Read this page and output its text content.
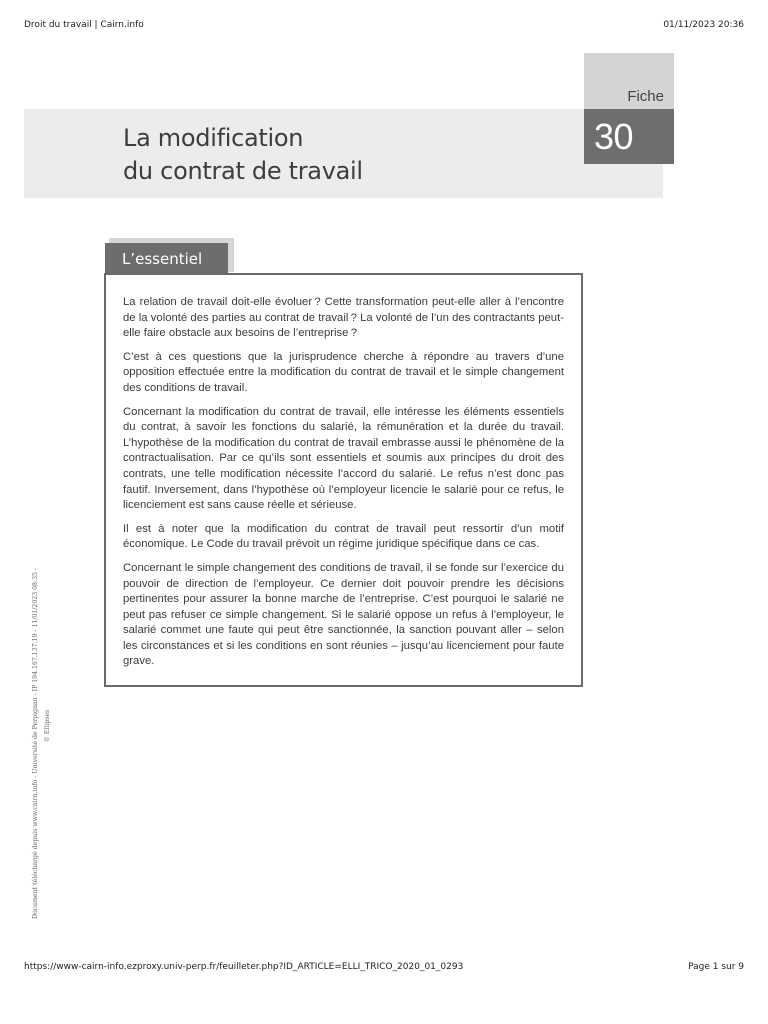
Droit du travail | Cairn.info	01/11/2023 20:36
La modification
du contrat de travail
Fiche
30
L’essentiel

La relation de travail doit-elle évoluer ? Cette transformation peut-elle aller à l’encontre de la volonté des parties au contrat de travail ? La volonté de l’un des contractants peut-elle faire obstacle aux besoins de l’entreprise ?

C’est à ces questions que la jurisprudence cherche à répondre au travers d’une opposition effectuée entre la modification du contrat de travail et le simple changement des conditions de travail.

Concernant la modification du contrat de travail, elle intéresse les éléments essentiels du contrat, à savoir les fonctions du salarié, la rémunération et la durée du travail. L’hypothèse de la modification du contrat de travail embrasse aussi le phénomène de la contractualisation. Par ce qu’ils sont essentiels et soumis aux principes du droit des contrats, une telle modification nécessite l’accord du salarié. Le refus n’est donc pas fautif. Inversement, dans l’hypothèse où l’employeur licencie le salarié pour ce refus, le licenciement est sans cause réelle et sérieuse.

Il est à noter que la modification du contrat de travail peut ressortir d’un motif économique. Le Code du travail prévoit un régime juridique spécifique dans ce cas.

Concernant le simple changement des conditions de travail, il se fonde sur l’exercice du pouvoir de direction de l’employeur. Ce dernier doit pouvoir prendre les décisions pertinentes pour assurer la bonne marche de l’entreprise. C’est pourquoi le salarié ne peut pas refuser ce simple changement. Si le salarié oppose un refus à l’employeur, le salarié commet une faute qui peut être sanctionnée, la sanction pouvant aller – selon les circonstances et si les conditions en sont réunies – jusqu’au licenciement pour faute grave.

Document téléchargé depuis www.cairn.info - Université de Perpignan - IP 194.167.137.19 - 11/01/2023 08:35 - © Ellipses
https://www-cairn-info.ezproxy.univ-perp.fr/feuilleter.php?ID_ARTICLE=ELLI_TRICO_2020_01_0293	Page 1 sur 9
